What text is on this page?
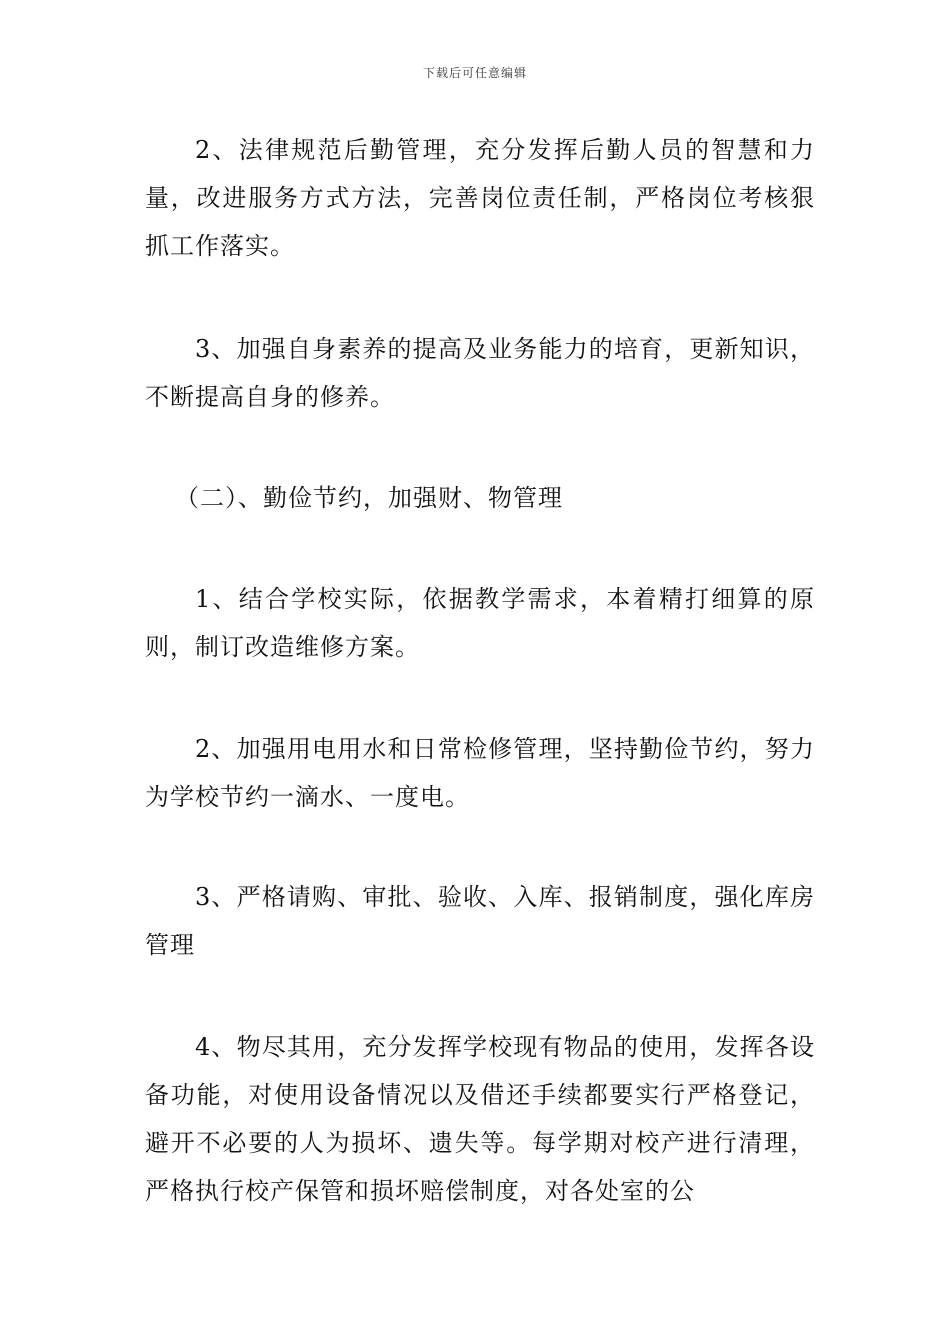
下载后可任意编辑

2、法律规范后勤管理，充分发挥后勤人员的智慧和力量，改进服务方式方法，完善岗位责任制，严格岗位考核狠抓工作落实。

3、加强自身素养的提高及业务能力的培育，更新知识，不断提高自身的修养。

（二）、勤俭节约，加强财、物管理

1、结合学校实际，依据教学需求，本着精打细算的原则，制订改造维修方案。

2、加强用电用水和日常检修管理，坚持勤俭节约，努力为学校节约一滴水、一度电。

3、严格请购、审批、验收、入库、报销制度，强化库房管理

4、物尽其用，充分发挥学校现有物品的使用，发挥各设备功能，对使用设备情况以及借还手续都要实行严格登记，避开不必要的人为损坏、遗失等。每学期对校产进行清理，严格执行校产保管和损坏赔偿制度，对各处室的公
